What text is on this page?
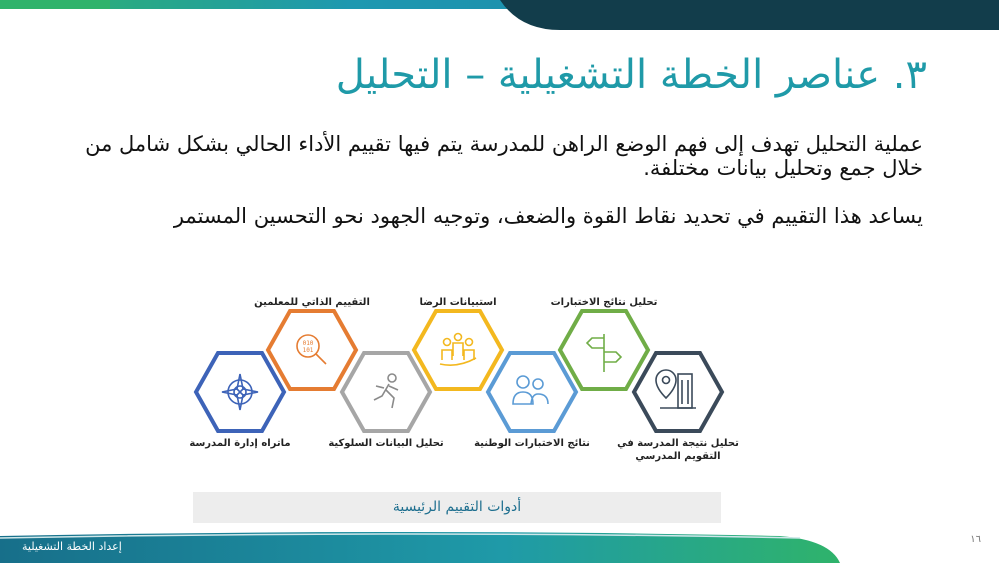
٣. عناصر الخطة التشغيلية – التحليل

عملية التحليل تهدف إلى فهم الوضع الراهن للمدرسة يتم فيها تقييم الأداء الحالي بشكل شامل من خلال جمع وتحليل بيانات مختلفة.

يساعد هذا التقييم في تحديد نقاط القوة والضعف، وتوجيه الجهود نحو التحسين المستمر

010
101
ماتراه إدارة المدرسة
التقييم الذاتي للمعلمين
تحليل البيانات السلوكية
استبيانات الرضا
نتائج الاختبارات الوطنية
تحليل نتائج الاختبارات
تحليل نتيجة المدرسة في
التقويم المدرسي
أدوات التقييم الرئيسية
إعداد الخطة التشغيلية
١٦
